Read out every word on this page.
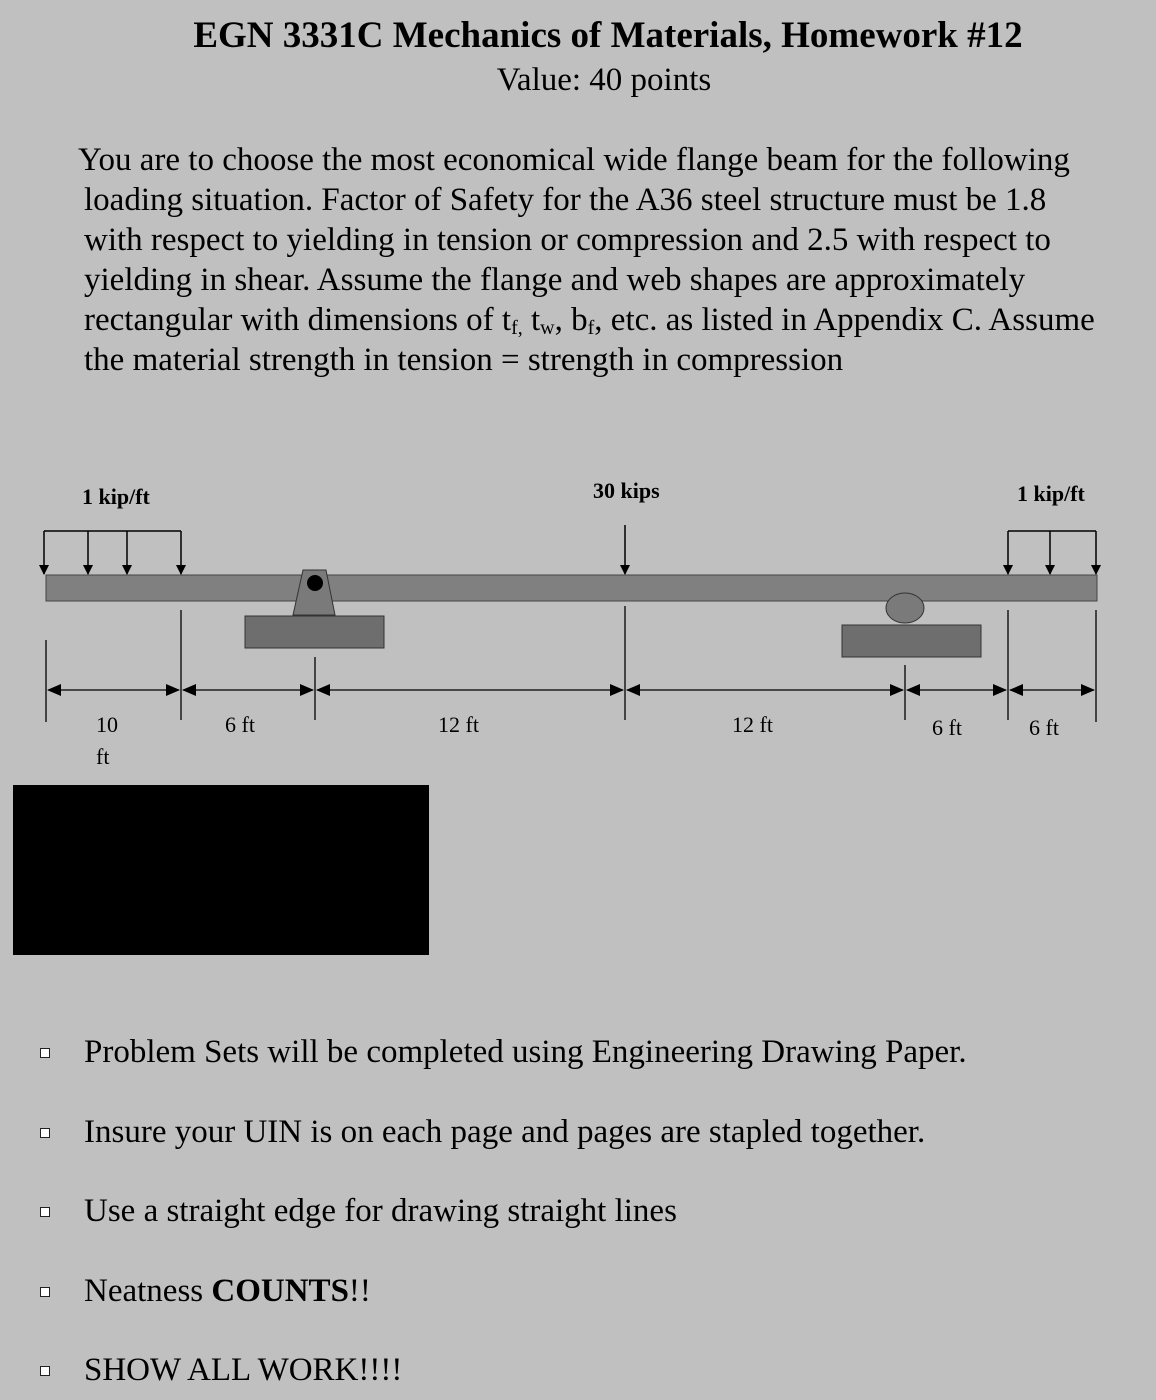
EGN 3331C Mechanics of Materials, Homework #12
Value: 40 points
You are to choose the most economical wide flange beam for the following
loading situation. Factor of Safety for the A36 steel structure must be 1.8
with respect to yielding in tension or compression and 2.5 with respect to
yielding in shear. Assume the flange and web shapes are approximately
rectangular with dimensions of $t_{f,}$ $t_w$, $b_f$, etc. as listed in Appendix C. Assume
the material strength in tension = strength in compression
1 kip/ft	30 kips	1 kip/ft
10
ft
6 ft	12 ft	12 ft	6 ft	6 ft
Problem Sets will be completed using Engineering Drawing Paper.
Insure your UIN is on each page and pages are stapled together.
Use a straight edge for drawing straight lines
Neatness COUNTS!!
SHOW ALL WORK!!!!
